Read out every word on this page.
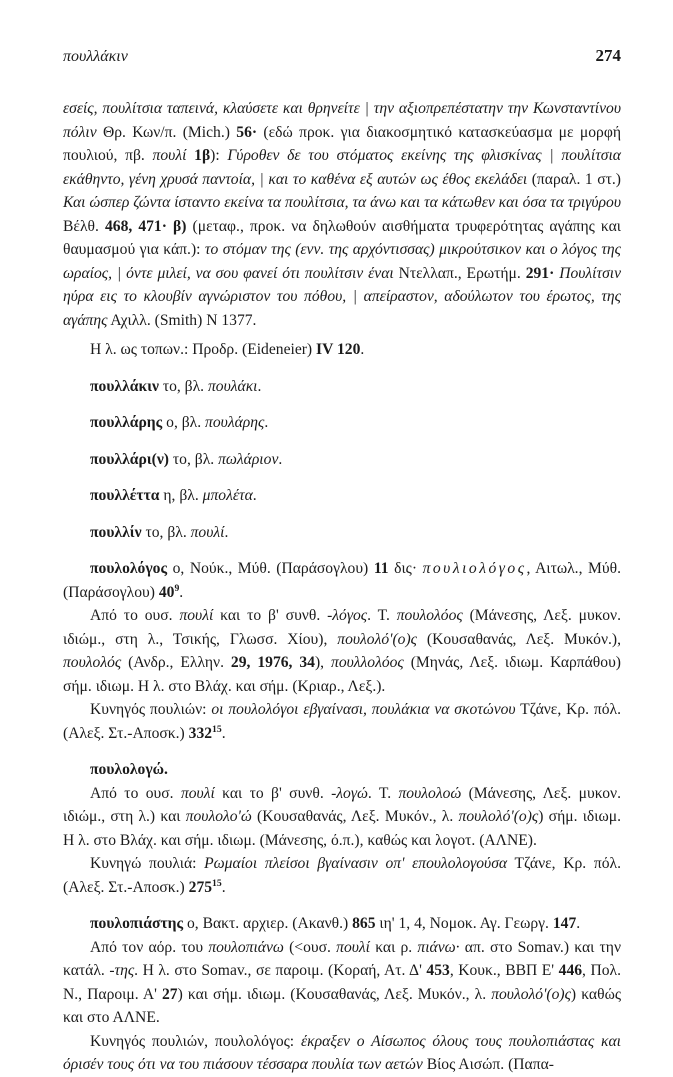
πουλλάκιν	274

εσείς, πουλίτσια ταπεινά, κλαύσετε και θρηνείτε | την αξιοπρεπέστατην την Κωνσταντίνου πόλιν Θρ. Κων/π. (Mich.) 56· (εδώ προκ. για διακοσμητικό κατασκεύασμα με μορφή πουλιού, πβ. πουλί 1β): Γύροθεν δε του στόματος εκείνης της φλισκίνας | πουλίτσια εκάθηντο, γένη χρυσά παντοία, | και το καθένα εξ αυτών ως έθος εκελάδει (παραλ. 1 στ.) Και ώσπερ ζώντα ίσταντο εκείνα τα πουλίτσια, τα άνω και τα κάτωθεν και όσα τα τριγύρου Βέλθ. 468, 471· β) (μεταφ., προκ. να δηλωθούν αισθήματα τρυφερότητας αγάπης και θαυμασμού για κάπ.): το στόμαν της (ενν. της αρχόντισσας) μικρούτσικον και ο λόγος της ωραίος, | όντε μιλεί, να σου φανεί ότι πουλίτσιν έναι Ντελλαπ., Ερωτήμ. 291· Πουλίτσιν ηύρα εις το κλουβίν αγνώριστον του πόθου, | απείραστον, αδούλωτον του έρωτος, της αγάπης Αχιλλ. (Smith) N 1377.

Η λ. ως τοπων.: Προδρ. (Eideneier) IV 120.

πουλλάκιν το, βλ. πουλάκι.

πουλλάρης ο, βλ. πουλάρης.

πουλλάρι(ν) το, βλ. πωλάριον.

πουλλέττα η, βλ. μπολέτα.

πουλλίν το, βλ. πουλί.

πουλολόγος ο, Νούκ., Μύθ. (Παράσογλου) 11 δις· πουλιολόγος, Αιτωλ., Μύθ. (Παράσογλου) $40^9$.

Από το ουσ. πουλί και το β' συνθ. -λόγος. Τ. πουλολόος (Μάνεσης, Λεξ. μυκον. ιδιώμ., στη λ., Τσικής, Γλωσσ. Χίου), πουλολό'(ο)ς (Κουσαθανάς, Λεξ. Μυκόν.), πουλολός (Ανδρ., Ελλην. 29, 1976, 34), πουλλολόος (Μηνάς, Λεξ. ιδιωμ. Καρπάθου) σήμ. ιδιωμ. Η λ. στο Βλάχ. και σήμ. (Κριαρ., Λεξ.).

Κυνηγός πουλιών: οι πουλολόγοι εβγαίνασι, πουλάκια να σκοτώνου Τζάνε, Κρ. πόλ. (Αλεξ. Στ.-Αποσκ.) $332^{15}$.

πουλολογώ.

Από το ουσ. πουλί και το β' συνθ. -λογώ. Τ. πουλολοώ (Μάνεσης, Λεξ. μυκον. ιδιώμ., στη λ.) και πουλολο'ώ (Κουσαθανάς, Λεξ. Μυκόν., λ. πουλολό'(ο)ς) σήμ. ιδιωμ. Η λ. στο Βλάχ. και σήμ. ιδιωμ. (Μάνεσης, ό.π.), καθώς και λογοτ. (ΑΛΝΕ).

Κυνηγώ πουλιά: Ρωμαίοι πλείσοι βγαίνασιν οπ' επουλολογούσα Τζάνε, Κρ. πόλ. (Αλεξ. Στ.-Αποσκ.) $275^{15}$.

πουλοπιάστης ο, Βακτ. αρχιερ. (Ακανθ.) 865 ιη' 1, 4, Νομοκ. Αγ. Γεωργ. 147.

Από τον αόρ. του πουλοπιάνω (<ουσ. πουλί και ρ. πιάνω· απ. στο Somav.) και την κατάλ. -της. Η λ. στο Somav., σε παροιμ. (Κοραή, Ατ. Δ' 453, Κουκ., ΒΒΠ Ε' 446, Πολ. Ν., Παροιμ. Α' 27) και σήμ. ιδιωμ. (Κουσαθανάς, Λεξ. Μυκόν., λ. πουλολό'(ο)ς) καθώς και στο ΑΛΝΕ.

Κυνηγός πουλιών, πουλολόγος: έκραξεν ο Αίσωπος όλους τους πουλοπιάστας και όρισέν τους ότι να του πιάσουν τέσσαρα πουλία των αετών Βίος Αισώπ. (Παπα-
